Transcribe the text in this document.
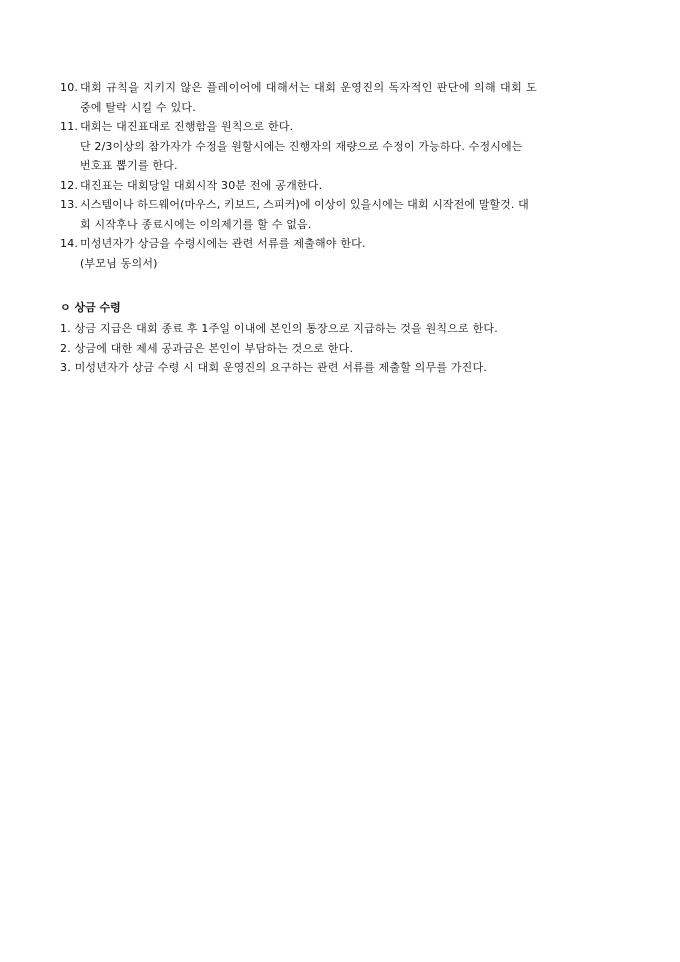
10. 대회 규칙을 지키지 않은 플레이어에 대해서는 대회 운영진의 독자적인 판단에 의해 대회 도
중에 탈락 시킬 수 있다.
11. 대회는 대진표대로 진행함을 원칙으로 한다.
단 2/3이상의 참가자가 수정을 원할시에는 진행자의 재량으로 수정이 가능하다. 수정시에는
번호표 뽑기를 한다.
12. 대진표는 대회당일 대회시작 30분 전에 공개한다.
13. 시스템이나 하드웨어(마우스, 키보드, 스피커)에 이상이 있을시에는 대회 시작전에 말할것. 대
회 시작후나 종료시에는 이의제기를 할 수 없음.
14. 미성년자가 상금을 수령시에는 관련 서류를 제출해야 한다.
(부모님 동의서)
ㅇ 상금 수령
1. 상금 지급은 대회 종료 후 1주일 이내에 본인의 통장으로 지급하는 것을 원칙으로 한다.
2. 상금에 대한 제세 공과금은 본인이 부담하는 것으로 한다.
3. 미성년자가 상금 수령 시 대회 운영진의 요구하는 관련 서류를 제출할 의무를 가진다.
